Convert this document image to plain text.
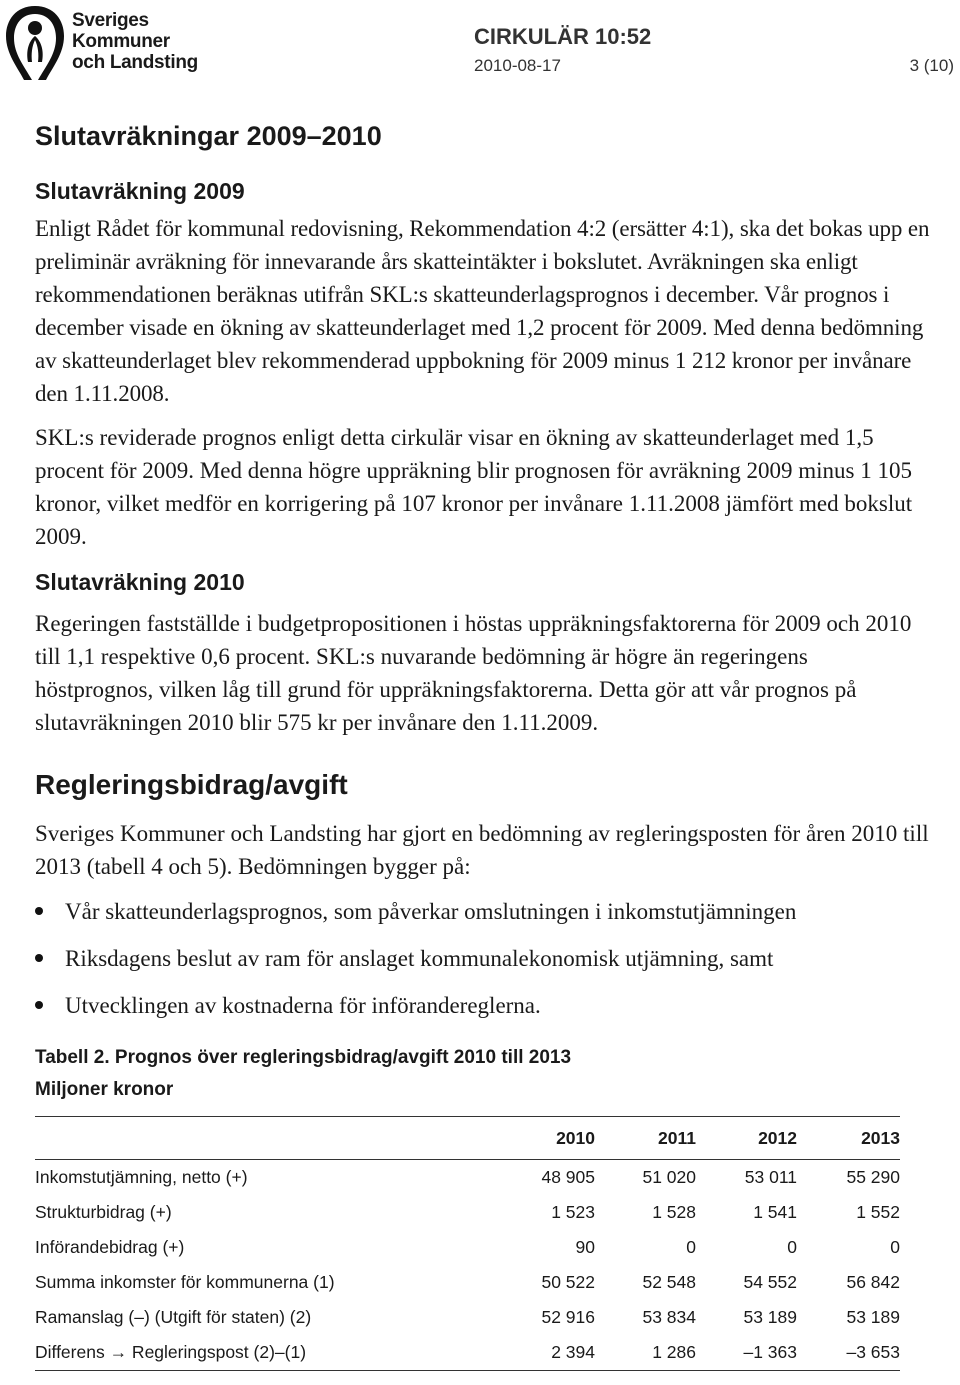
Sveriges
Kommuner
och Landsting
CIRKULÄR 10:52
2010-08-17	3 (10)
Slutavräkningar 2009–2010
Slutavräkning 2009

Enligt Rådet för kommunal redovisning, Rekommendation 4:2 (ersätter 4:1), ska det bokas upp en preliminär avräkning för innevarande års skatteintäkter i bokslutet. Avräkningen ska enligt rekommendationen beräknas utifrån SKL:s skatteunderlagsprognos i december. Vår prognos i december visade en ökning av skatteunderlaget med 1,2 procent för 2009. Med denna bedömning av skatteunderlaget blev rekommenderad uppbokning för 2009 minus 1 212 kronor per invånare den 1.11.2008.

SKL:s reviderade prognos enligt detta cirkulär visar en ökning av skatteunderlaget med 1,5 procent för 2009. Med denna högre uppräkning blir prognosen för avräkning 2009 minus 1 105 kronor, vilket medför en korrigering på 107 kronor per invånare 1.11.2008 jämfört med bokslut 2009.

Slutavräkning 2010

Regeringen fastställde i budgetpropositionen i höstas uppräkningsfaktorerna för 2009 och 2010 till 1,1 respektive 0,6 procent. SKL:s nuvarande bedömning är högre än regeringens höstprognos, vilken låg till grund för uppräkningsfaktorerna. Detta gör att vår prognos på slutavräkningen 2010 blir 575 kr per invånare den 1.11.2009.

Regleringsbidrag/avgift

Sveriges Kommuner och Landsting har gjort en bedömning av regleringsposten för åren 2010 till 2013 (tabell 4 och 5). Bedömningen bygger på:

Vår skatteunderlagsprognos, som påverkar omslutningen i inkomstutjämningen
Riksdagens beslut av ram för anslaget kommunalekonomisk utjämning, samt
Utvecklingen av kostnaderna för införandereglerna.
Tabell 2. Prognos över regleringsbidrag/avgift 2010 till 2013
Miljoner kronor
	2010	2011	2012	2013
Inkomstutjämning, netto (+)	48 905	51 020	53 011	55 290
Strukturbidrag (+)	1 523	1 528	1 541	1 552
Införandebidrag (+)	90	0	0	0
Summa inkomster för kommunerna (1)	50 522	52 548	54 552	56 842
Ramanslag (–) (Utgift för staten) (2)	52 916	53 834	53 189	53 189
Differens → Regleringspost (2)–(1)	2 394	1 286	–1 363	–3 653
